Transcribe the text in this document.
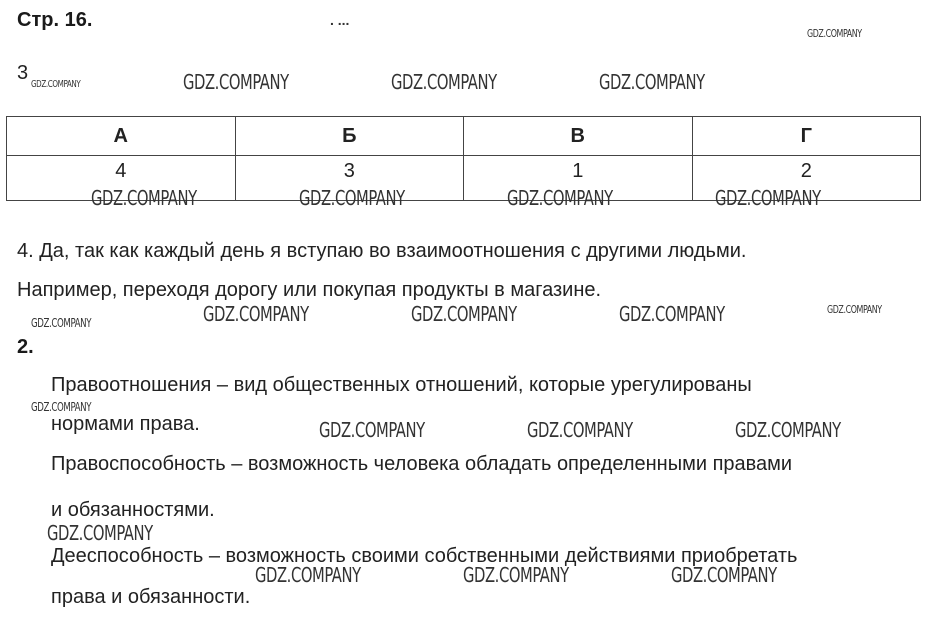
Стр. 16.	. ...
3
А	Б	В	Г
4	3	1	2
4. Да, так как каждый день я вступаю во взаимоотношения с другими людьми.
Например, переходя дорогу или покупая продукты в магазине.
2.
Правоотношения – вид общественных отношений, которые урегулированы
нормами права.
Правоспособность – возможность человека обладать определенными правами
и обязанностями.
Дееспособность – возможность своими собственными действиями приобретать
права и обязанности.
GDZ.COMPANY
GDZ.COMPANY	GDZ.COMPANY	GDZ.COMPANY	GDZ.COMPANY
GDZ.COMPANY	GDZ.COMPANY	GDZ.COMPANY	GDZ.COMPANY
GDZ.COMPANY
GDZ.COMPANY	GDZ.COMPANY	GDZ.COMPANY	GDZ.COMPANY
GDZ.COMPANY
GDZ.COMPANY	GDZ.COMPANY	GDZ.COMPANY
GDZ.COMPANY
GDZ.COMPANY	GDZ.COMPANY	GDZ.COMPANY
